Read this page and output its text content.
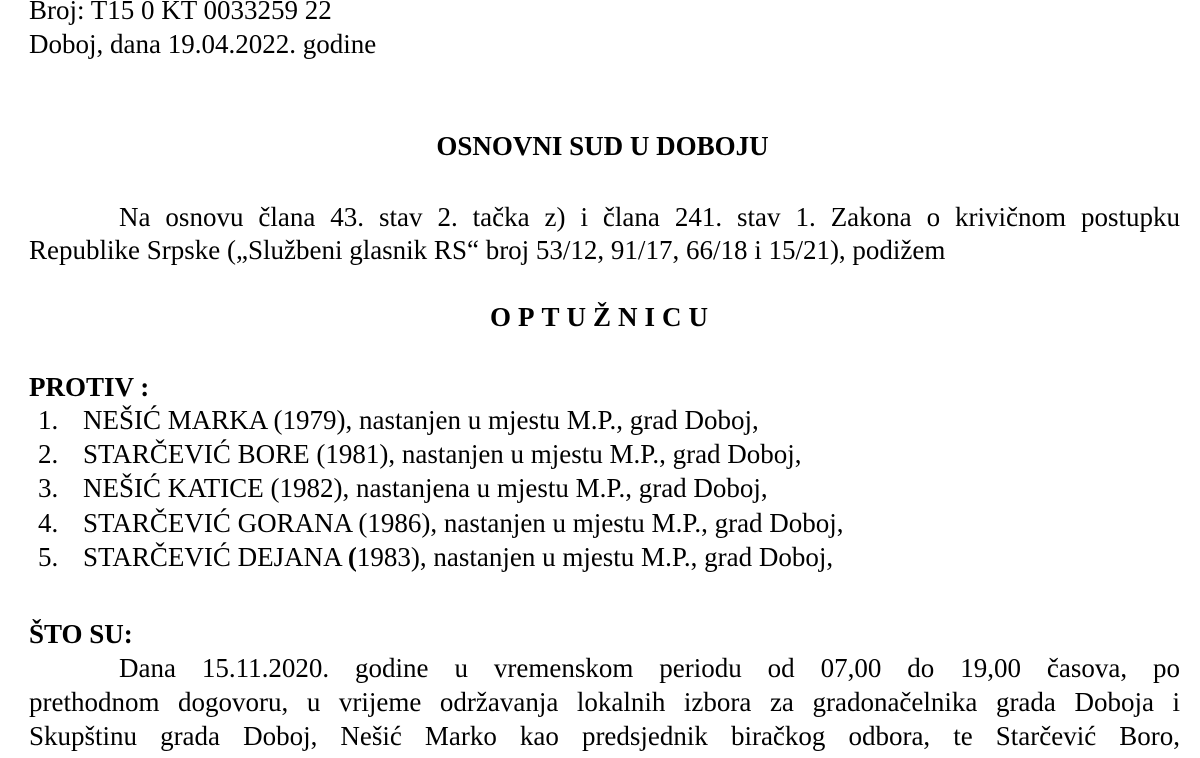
Broj: T15 0 KT 0033259 22
Doboj, dana 19.04.2022. godine
OSNOVNI SUD U DOBOJU
Na osnovu člana 43. stav 2. tačka z) i člana 241. stav 1. Zakona o krivičnom postupku
Republike Srpske („Službeni glasnik RS“ broj 53/12, 91/17, 66/18 i 15/21), podižem
OPTUŽNICU
PROTIV :
1. NEŠIĆ MARKA (1979), nastanjen u mjestu M.P., grad Doboj,
2. STARČEVIĆ BORE (1981), nastanjen u mjestu M.P., grad Doboj,
3. NEŠIĆ KATICE (1982), nastanjena u mjestu M.P., grad Doboj,
4. STARČEVIĆ GORANA (1986), nastanjen u mjestu M.P., grad Doboj,
5. STARČEVIĆ DEJANA (1983), nastanjen u mjestu M.P., grad Doboj,
ŠTO SU:
Dana 15.11.2020. godine u vremenskom periodu od 07,00 do 19,00 časova, po
prethodnom dogovoru, u vrijeme održavanja lokalnih izbora za gradonačelnika grada Doboja i
Skupštinu grada Doboj, Nešić Marko kao predsjednik biračkog odbora, te Starčević Boro,
